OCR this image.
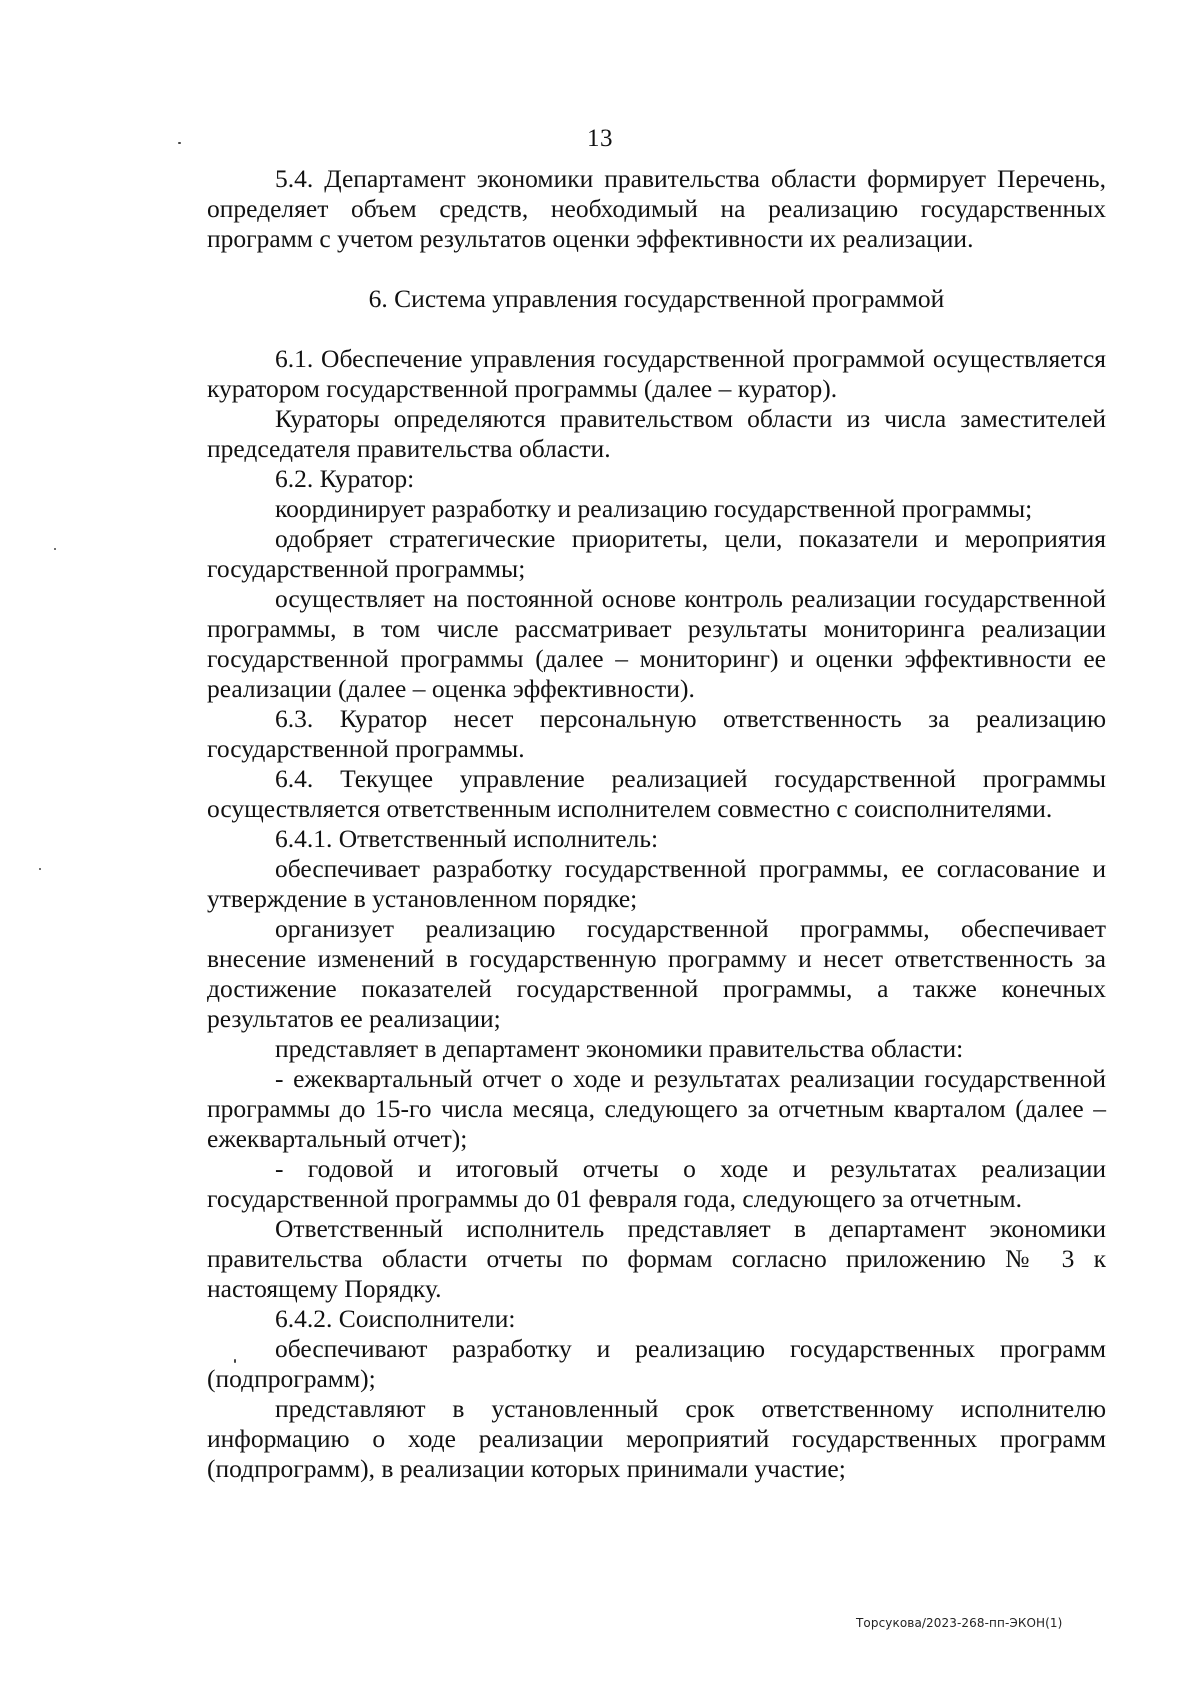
13

5.4. Департамент экономики правительства области формирует Перечень, определяет объем средств, необходимый на реализацию государственных программ с учетом результатов оценки эффективности их реализации.

6. Система управления государственной программой

6.1. Обеспечение управления государственной программой осуществляется куратором государственной программы (далее – куратор).

Кураторы определяются правительством области из числа заместителей председателя правительства области.

6.2. Куратор:

координирует разработку и реализацию государственной программы;

одобряет стратегические приоритеты, цели, показатели и мероприятия государственной программы;

осуществляет на постоянной основе контроль реализации государственной программы, в том числе рассматривает результаты мониторинга реализации государственной программы (далее – мониторинг) и оценки эффективности ее реализации (далее – оценка эффективности).

6.3. Куратор несет персональную ответственность за реализацию государственной программы.

6.4. Текущее управление реализацией государственной программы осуществляется ответственным исполнителем совместно с соисполнителями.

6.4.1. Ответственный исполнитель:

обеспечивает разработку государственной программы, ее согласование и утверждение в установленном порядке;

организует реализацию государственной программы, обеспечивает внесение изменений в государственную программу и несет ответственность за достижение показателей государственной программы, а также конечных результатов ее реализации;

представляет в департамент экономики правительства области:

- ежеквартальный отчет о ходе и результатах реализации государственной программы до 15-го числа месяца, следующего за отчетным кварталом (далее – ежеквартальный отчет);

- годовой и итоговый отчеты о ходе и результатах реализации государственной программы до 01 февраля года, следующего за отчетным.

Ответственный исполнитель представляет в департамент экономики правительства области отчеты по формам согласно приложению № 3 к настоящему Порядку.

6.4.2. Соисполнители:

обеспечивают разработку и реализацию государственных программ (подпрограмм);

представляют в установленный срок ответственному исполнителю информацию о ходе реализации мероприятий государственных программ (подпрограмм), в реализации которых принимали участие;

Торсукова/2023-268-пп-ЭКОН(1)
